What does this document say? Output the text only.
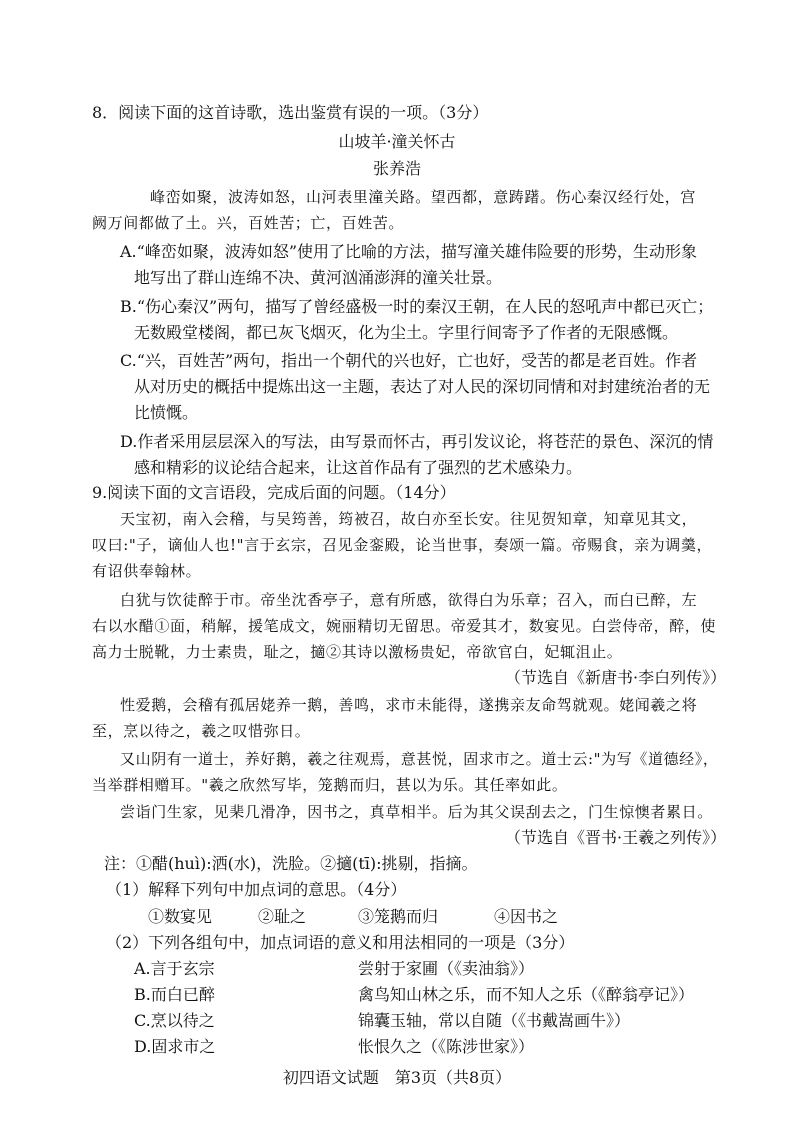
8．阅读下面的这首诗歌，选出鉴赏有误的一项。（3分）
山坡羊·潼关怀古
张养浩
峰峦如聚，波涛如怒，山河表里潼关路。望西都，意踌躇。伤心秦汉经行处，宫
阙万间都做了土。兴，百姓苦；亡，百姓苦。
A.“峰峦如聚，波涛如怒”使用了比喻的方法，描写潼关雄伟险要的形势，生动形象
地写出了群山连绵不决、黄河汹涌澎湃的潼关壮景。
B.“伤心秦汉”两句，描写了曾经盛极一时的秦汉王朝，在人民的怒吼声中都已灭亡；
无数殿堂楼阁，都已灰飞烟灭，化为尘土。字里行间寄予了作者的无限感慨。
C.“兴，百姓苦”两句，指出一个朝代的兴也好，亡也好，受苦的都是老百姓。作者
从对历史的概括中提炼出这一主题，表达了对人民的深切同情和对封建统治者的无
比愤慨。
D.作者采用层层深入的写法，由写景而怀古，再引发议论，将苍茫的景色、深沉的情
感和精彩的议论结合起来，让这首作品有了强烈的艺术感染力。
9.阅读下面的文言语段，完成后面的问题。（14分）
天宝初，南入会稽，与吴筠善，筠被召，故白亦至长安。往见贺知章，知章见其文，
叹曰:"子，谪仙人也!"言于玄宗，召见金銮殿，论当世事，奏颂一篇。帝赐食，亲为调羹，
有诏供奉翰林。
白犹与饮徒醉于市。帝坐沈香亭子，意有所感，欲得白为乐章；召入，而白已醉，左
右以水醋①面，稍解，援笔成文，婉丽精切无留思。帝爱其才，数宴见。白尝侍帝，醉，使
高力士脱靴，力士素贵，耻之，擿②其诗以激杨贵妃，帝欲官白，妃辄沮止。
（节选自《新唐书·李白列传》）
性爱鹅，会稽有孤居姥养一鹅，善鸣，求市未能得，遂携亲友命驾就观。姥闻羲之将
至，烹以待之，羲之叹惜弥日。
又山阴有一道士，养好鹅，羲之往观焉，意甚悦，固求市之。道士云:"为写《道德经》，
当举群相赠耳。"羲之欣然写毕，笼鹅而归，甚以为乐。其任率如此。
尝诣门生家，见棐几滑净，因书之，真草相半。后为其父误刮去之，门生惊懊者累日。
（节选自《晋书·王羲之列传》）
注：①醋(huì):洒(水)，洗脸。②擿(tī):挑剔，指摘。
（1）解释下列句中加点词的意思。（4分）
①数宴见	②耻之	③笼鹅而归	④因书之
（2）下列各组句中，加点词语的意义和用法相同的一项是（3分）
A.言于玄宗	尝射于家圃（《卖油翁》）
B.而白已醉	禽鸟知山林之乐，而不知人之乐（《醉翁亭记》）
C.烹以待之	锦囊玉轴，常以自随（《书戴嵩画牛》）
D.固求市之	怅恨久之（《陈涉世家》）
初四语文试题　第3页（共8页）
